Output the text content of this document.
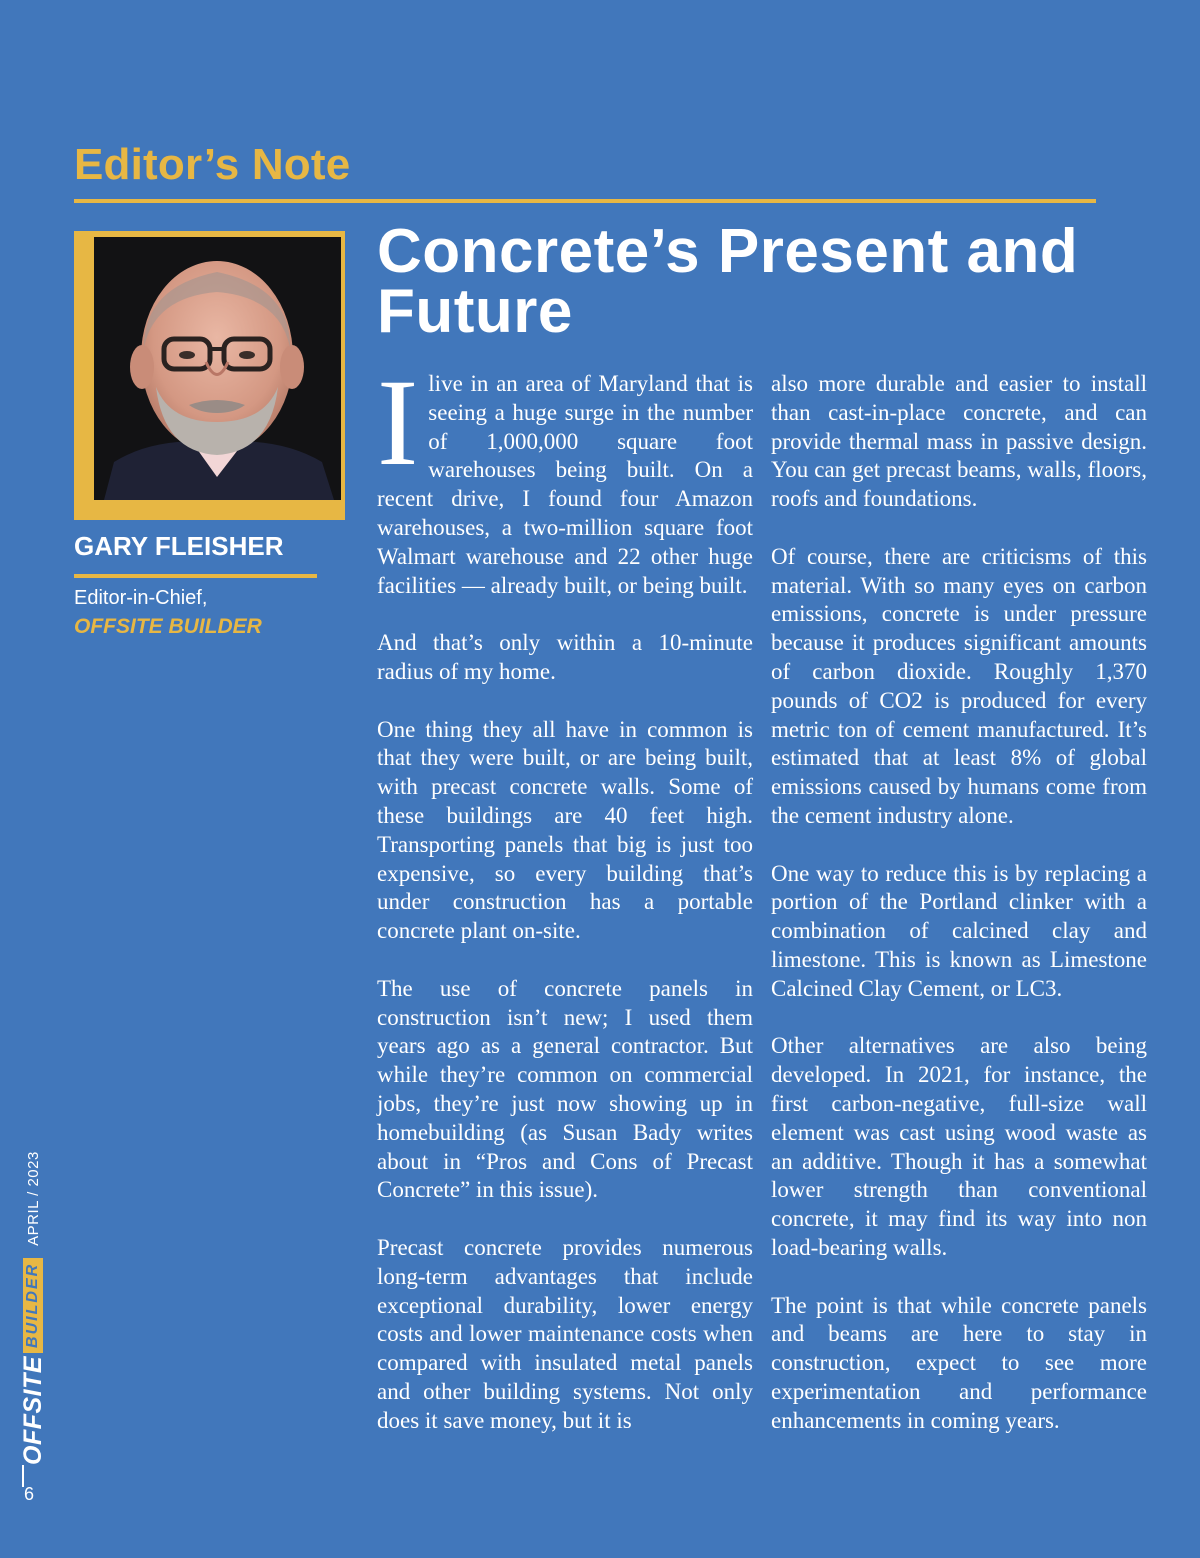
Editor’s Note
GARY FLEISHER
Editor-in-Chief,
OFFSITE BUILDER
Concrete’s Present and Future

I live in an area of Maryland that is seeing a huge surge in the number of 1,000,000 square foot warehouses being built. On a recent drive, I found four Amazon warehouses, a two-million square foot Walmart warehouse and 22 other huge facilities — already built, or being built.

And that’s only within a 10-minute radius of my home.

One thing they all have in common is that they were built, or are being built, with precast concrete walls. Some of these buildings are 40 feet high. Transporting panels that big is just too expensive, so every building that’s under construction has a portable concrete plant on-site.

The use of concrete panels in construction isn’t new; I used them years ago as a general contractor. But while they’re common on commercial jobs, they’re just now showing up in homebuilding (as Susan Bady writes about in “Pros and Cons of Precast Concrete” in this issue).

Precast concrete provides numerous long-term advantages that include exceptional durability, lower energy costs and lower maintenance costs when compared with insulated metal panels and other building systems. Not only does it save money, but it is

also more durable and easier to install than cast-in-place concrete, and can provide thermal mass in passive design. You can get precast beams, walls, floors, roofs and foundations.

Of course, there are criticisms of this material. With so many eyes on carbon emissions, concrete is under pressure because it produces significant amounts of carbon dioxide. Roughly 1,370 pounds of CO2 is produced for every metric ton of cement manufactured. It’s estimated that at least 8% of global emissions caused by humans come from the cement industry alone.

One way to reduce this is by replacing a portion of the Portland clinker with a combination of calcined clay and limestone. This is known as Limestone Calcined Clay Cement, or LC3.

Other alternatives are also being developed. In 2021, for instance, the first carbon-negative, full-size wall element was cast using wood waste as an additive. Though it has a somewhat lower strength than conventional concrete, it may find its way into non load-bearing walls.

The point is that while concrete panels and beams are here to stay in construction, expect to see more experimentation and performance enhancements in coming years.

OFFSITE
BUILDER
APRIL / 2023
6
